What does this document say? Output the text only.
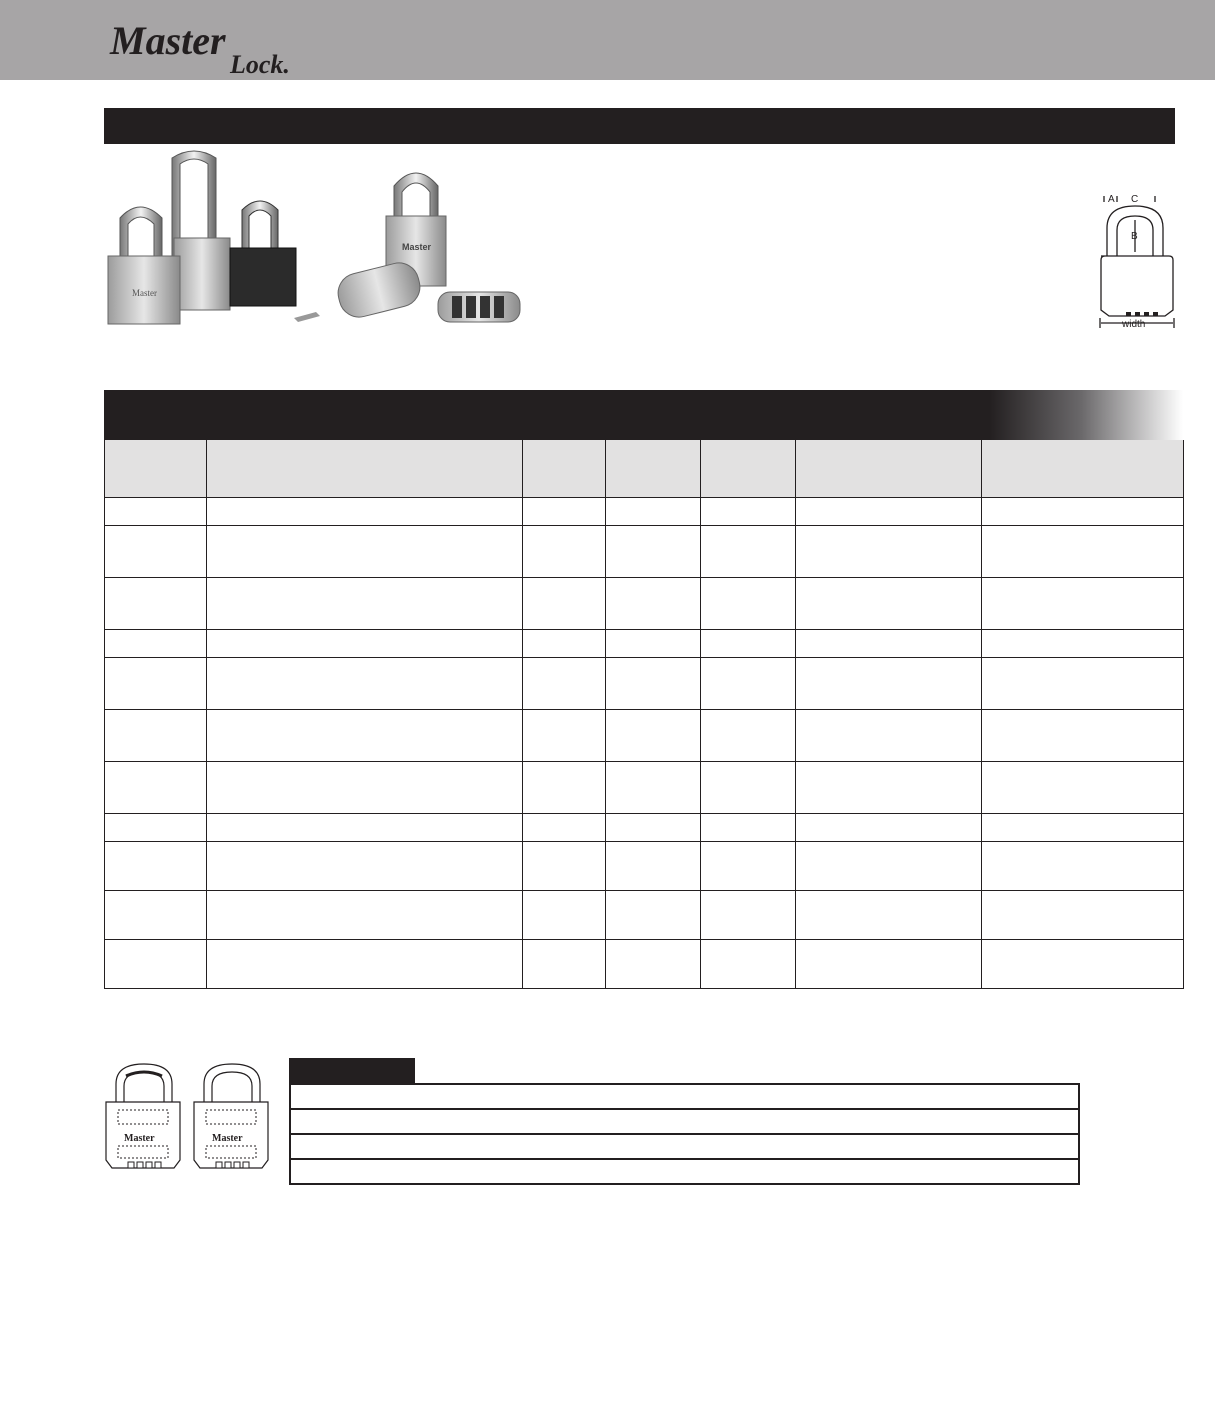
Master
Lock.
Master
Master
A C
B
width

Master	Master
